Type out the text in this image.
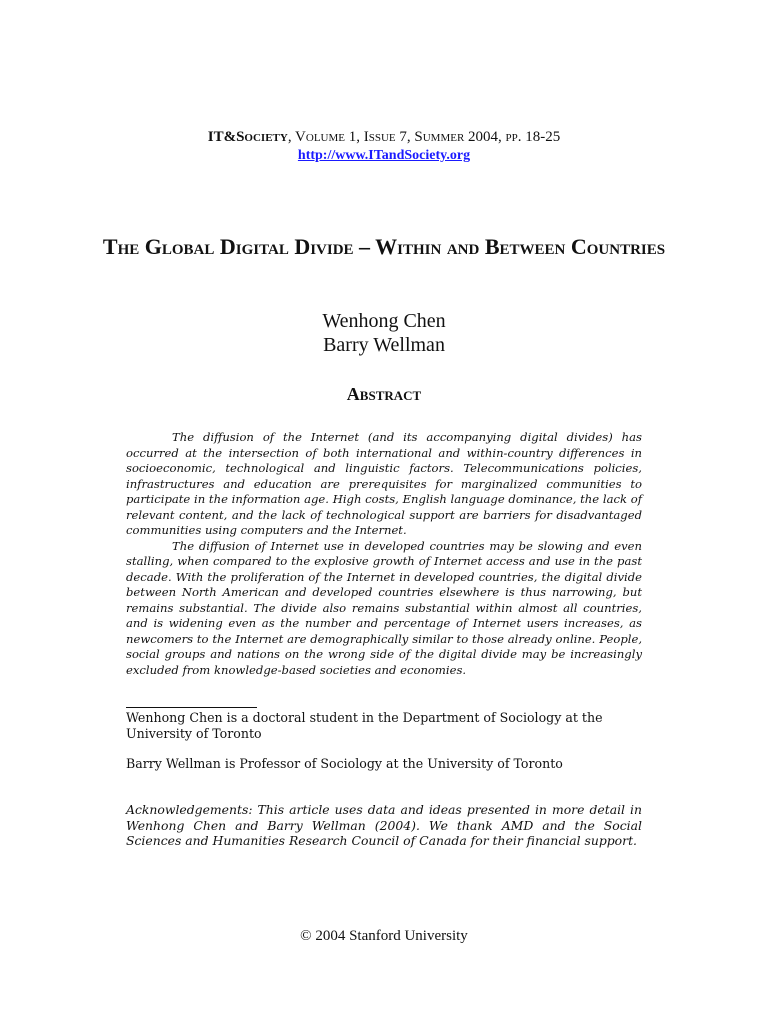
IT&Society, Volume 1, Issue 7, Summer 2004, pp. 18-25
http://www.ITandSociety.org
The Global Digital Divide – Within and Between Countries
Wenhong Chen
Barry Wellman
Abstract

The diffusion of the Internet (and its accompanying digital divides) has occurred at the intersection of both international and within-country differences in socioeconomic, technological and linguistic factors. Telecommunications policies, infrastructures and education are prerequisites for marginalized communities to participate in the information age. High costs, English language dominance, the lack of relevant content, and the lack of technological support are barriers for disadvantaged communities using computers and the Internet.

The diffusion of Internet use in developed countries may be slowing and even stalling, when compared to the explosive growth of Internet access and use in the past decade. With the proliferation of the Internet in developed countries, the digital divide between North American and developed countries elsewhere is thus narrowing, but remains substantial. The divide also remains substantial within almost all countries, and is widening even as the number and percentage of Internet users increases, as newcomers to the Internet are demographically similar to those already online. People, social groups and nations on the wrong side of the digital divide may be increasingly excluded from knowledge-based societies and economies.

Wenhong Chen is a doctoral student in the Department of Sociology at the University of Toronto
Barry Wellman is Professor of Sociology at the University of Toronto
Acknowledgements: This article uses data and ideas presented in more detail in Wenhong Chen and Barry Wellman (2004). We thank AMD and the Social Sciences and Humanities Research Council of Canada for their financial support.
© 2004 Stanford University
